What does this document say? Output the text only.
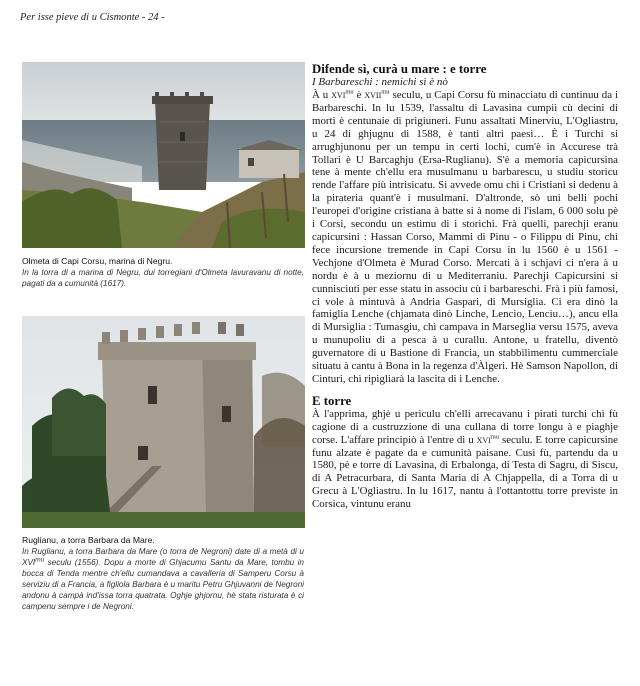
Per isse pieve di u Cismonte - 24 -
Olmeta di Capi Corsu, marina di Negru.
In la torra di a marina di Negru, dui torregiani d'Olmeta lavuravanu di notte, pagati da a cumunità (1617).
Ruglianu, a torra Barbara da Mare.
In Ruglianu, a torra Barbara da Mare (o torra de Negroni) date di a metà di u $XVI^{mu}$ seculu (1556). Dopu a morte di Ghjacumu Santu da Mare, tombu in bocca di Tenda mentre ch'ellu cumandava a cavalleria di Samperu Corsu à serviziu di a Francia, a figliola Barbara è u maritu Petru Ghjuvanni de Negroni andonu à campà ind'issa torra quatrata. Oghje ghjornu, hè stata risturata è ci campenu sempre i de Negroni.
Difende sì, curà u mare : e torre

I Barbareschi : nemichi sì è nò

À u xvi$^{mu}$ è xvii$^{mu}$ seculu, u Capi Corsu fù minacciatu di cuntinuu da i Barbareschi. In lu 1539, l'assaltu di Lavasina cumpiì cù decini di morti è centunaie di prigiuneri. Funu assaltati Minerviu, L'Ogliastru, u 24 di ghjugnu di 1588, è tanti altri paesi… È i Turchi si arrughjunonu per un tempu in certi lochi, cum'è in Accurese trà Tollari è U Barcaghju (Ersa-Ruglianu). S'è a memoria capicursina tene à mente ch'ellu era musulmanu u barbarescu, u studiu storicu rende l'affare più intrisicatu. Si avvede omu chì i Cristiani si dedenu à la pirateria quant'è i musulmani. D'altronde, sò uni belli pochi l'europei d'origine cristiana à batte si à nome di l'islam, 6 000 solu pè i Corsi, secondu un estimu di i storichi. Frà quelli, parechji eranu capicursini : Hassan Corso, Mammi di Pinu - o Filippu di Pinu, chì fece incursione tremende in Capi Corsu in lu 1560 è u 1561 - Vechjone d'Olmeta è Murad Corso. Mercati à i schjavi ci n'era à u nordu è à u meziornu di u Mediterraniu. Parechji Capicursini si cunnisciuti per esse statu in associu cù i barbareschi. Frà i più famosi, ci vole à mintuvà à Andria Gaspari, di Mursiglia. Ci era dinò la famiglia Lenche (chjamata dinò Linche, Lencio, Lenciu…), ancu ella di Mursiglia : Tumasgiu, chì campava in Marseglia versu 1575, aveva u munupoliu di a pesca à u curallu. Antone, u fratellu, diventò guvernatore di u Bastione di Francia, un stabbilimentu cummerciale situatu à cantu à Bona in la regenza d'Àlgeri. Hè Samson Napollon, di Cinturi, chì ripigliarà la lascita di i Lenche.

E torre

À l'apprima, ghjè u periculu ch'elli arrecavanu i pirati turchi chì fù cagione di a custruzzione di una cullana di torre longu à e piaghje corse. L'affare principiò à l'entre di u xvi$^{mu}$ seculu. E torre capicursine funu alzate è pagate da e cumunità paisane. Cusì fù, partendu da u 1580, pè e torre di Lavasina, di Erbalonga, di Testa di Sagru, di Siscu, di A Petracurbara, di Santa Maria di A Chjappella, di a Torra di u Grecu à L'Ogliastru. In lu 1617, nantu à l'ottantottu torre previste in Corsica, vintunu eranu
